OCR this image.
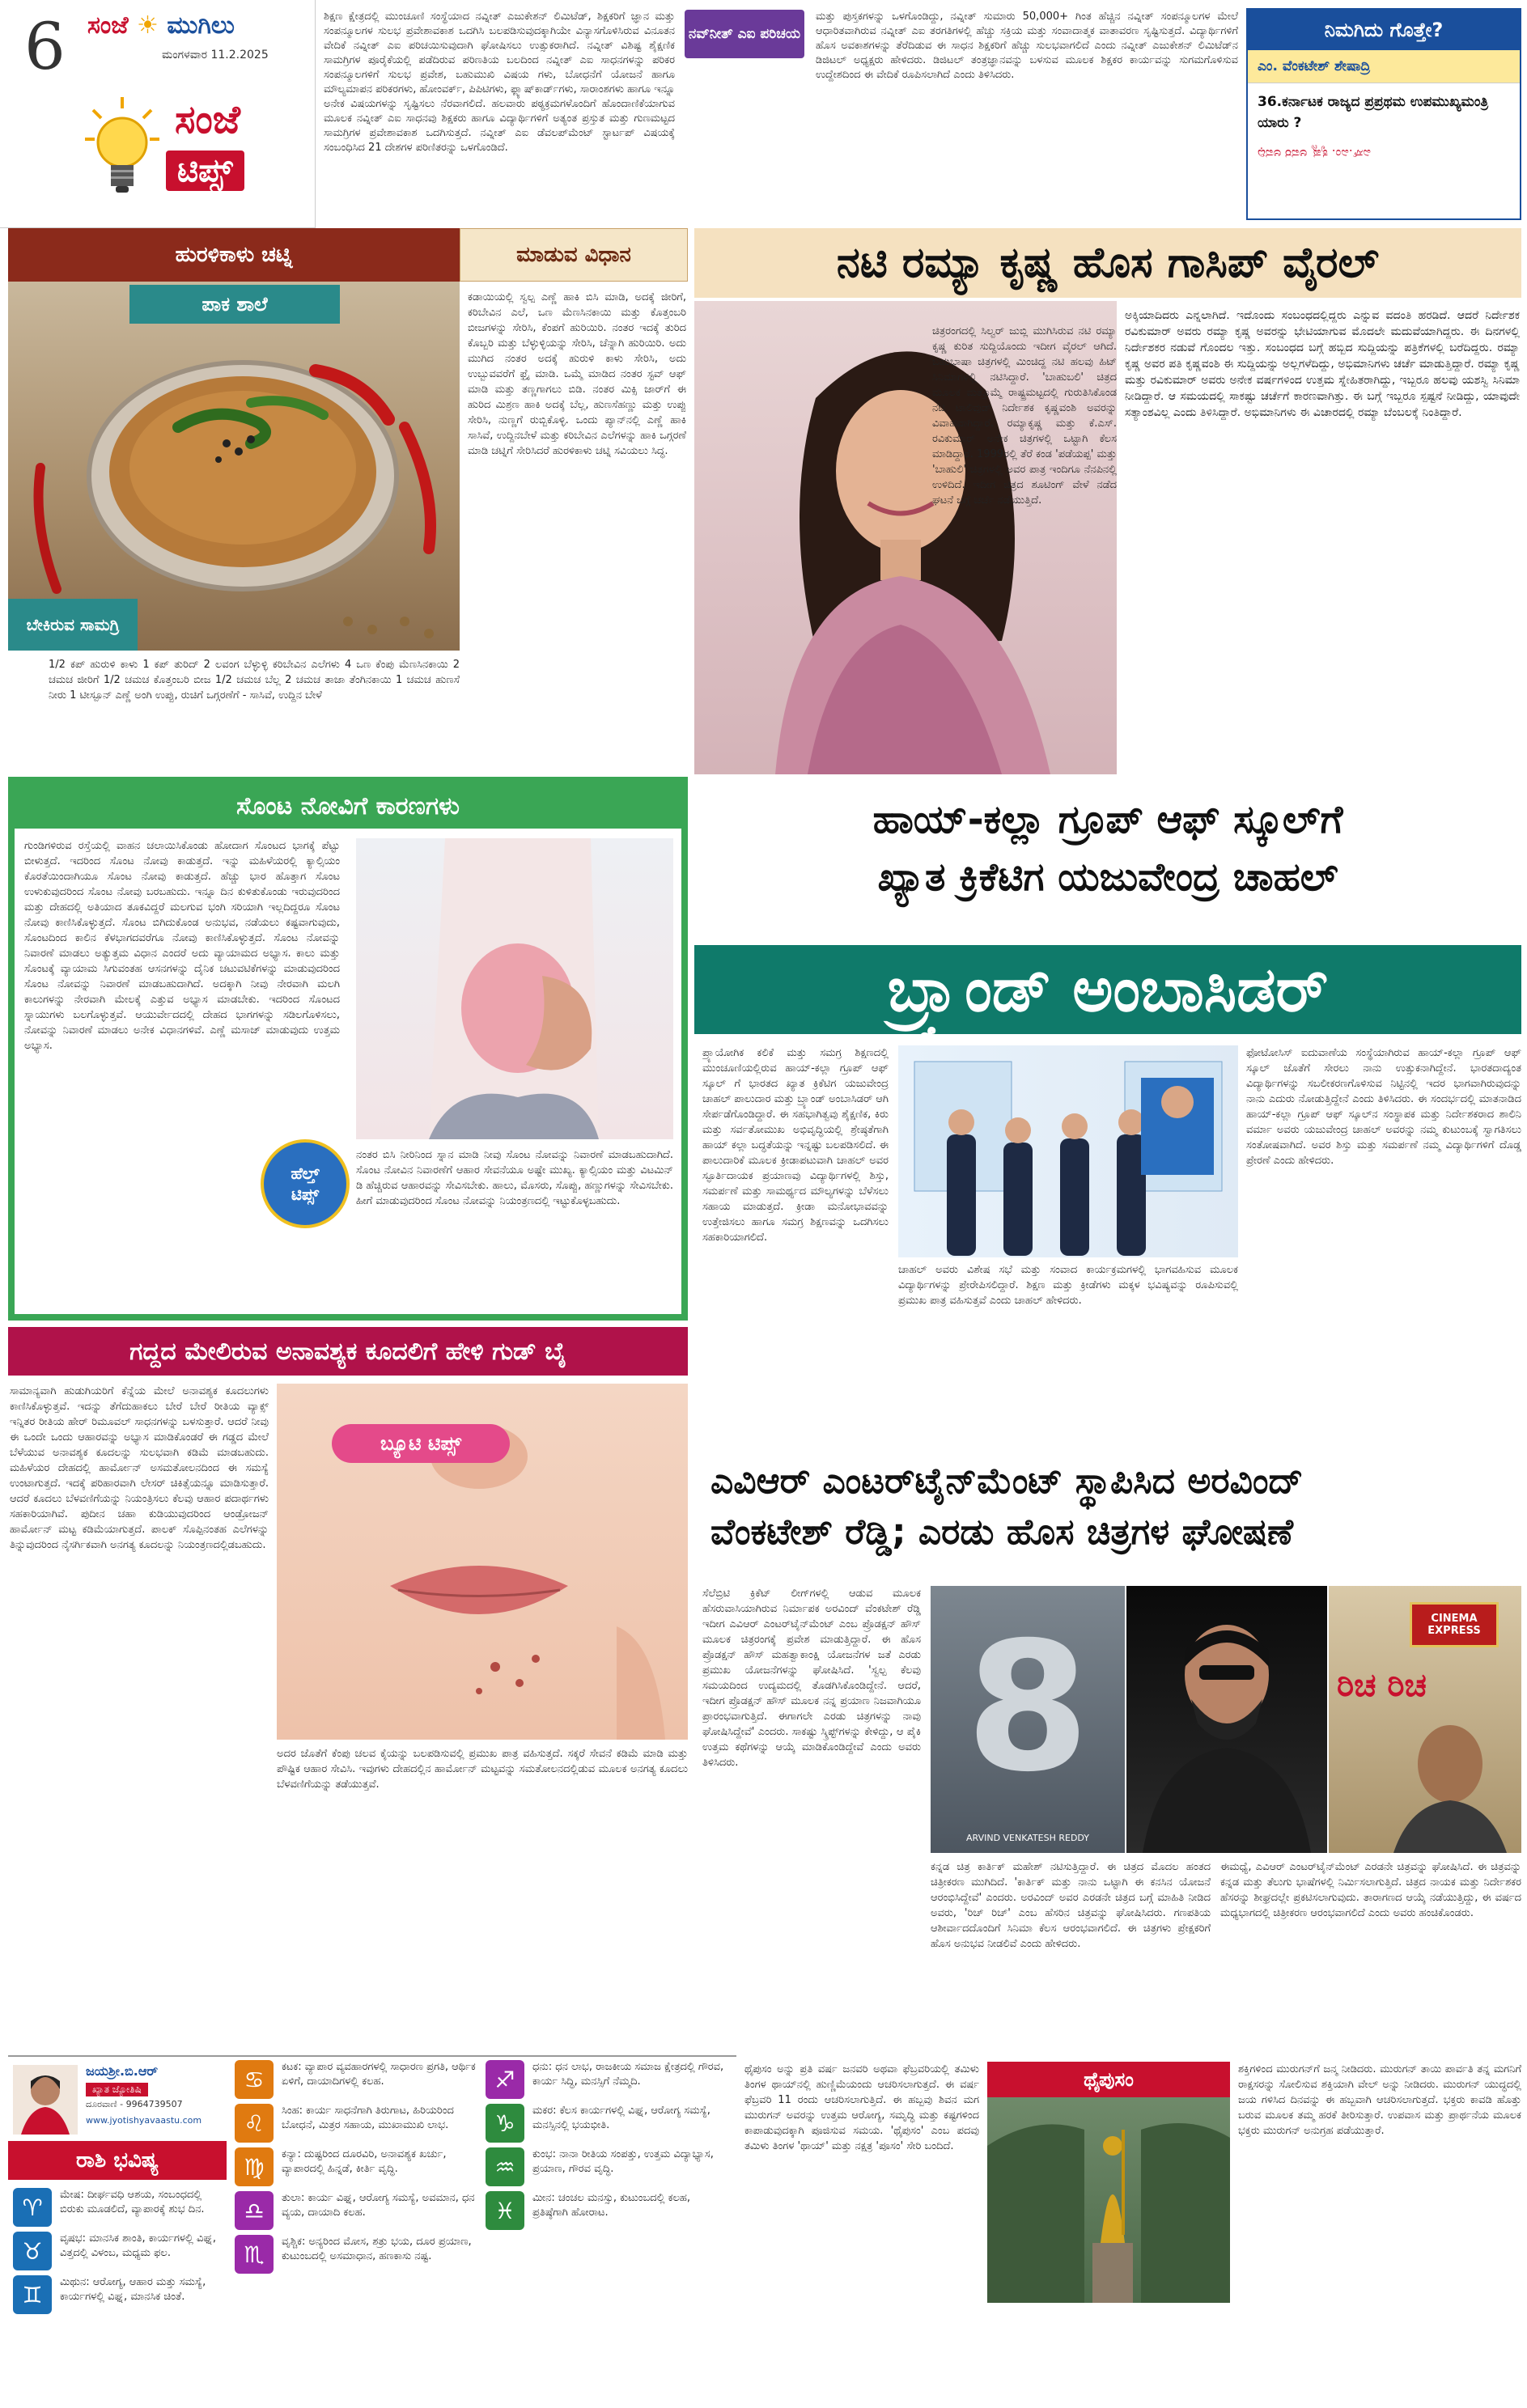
6 ಸಂಜೆ ☀ ಮುಗಿಲು
ಮಂಗಳವಾರ 11.2.2025
ಸಂಜೆ
ಟಿಪ್ಸ್
ಶಿಕ್ಷಣ ಕ್ಷೇತ್ರದಲ್ಲಿ ಮುಂಚೂಣಿ ಸಂಸ್ಥೆಯಾದ ನವ್ನೀತ್ ಎಜುಕೇಶನ್ ಲಿಮಿಟೆಡ್, ಶಿಕ್ಷಕರಿಗೆ ಜ್ಞಾನ ಮತ್ತು ಸಂಪನ್ಮೂಲಗಳ ಸುಲಭ ಪ್ರವೇಶಾವಕಾಶ ಒದಗಿಸಿ ಬಲಪಡಿಸುವುದಕ್ಕಾಗಿಯೇ ವಿನ್ಯಾಸಗೊಳಿಸಿರುವ ವಿನೂತನ ವೇದಿಕೆ ನವ್ನೀತ್ ಎಐ ಪರಿಚಯಿಸುವುದಾಗಿ ಘೋಷಿಸಲು ಉತ್ಸುಕರಾಗಿದೆ. ನವ್ನೀತ್ ವಿಶಿಷ್ಟ ಶೈಕ್ಷಣಿಕ ಸಾಮಗ್ರಿಗಳ ಪೂರೈಕೆಯಲ್ಲಿ ಪಡೆದಿರುವ ಪರಿಣತಿಯ ಬಲದಿಂದ ನವ್ನೀತ್ ಎಐ ಸಾಧನಗಳನ್ನು ಪರಿಕರ ಸಂಪನ್ಮೂಲಗಳಿಗೆ ಸುಲಭ ಪ್ರವೇಶ, ಬಹುಮುಖಿ ವಿಷಯ ಗಳು, ಬೋಧನೆಗೆ ಯೋಜನೆ ಹಾಗೂ ಮೌಲ್ಯಮಾಪನ ಪರಿಕರಗಳು, ಹೋಂವರ್ಕ್, ಪಿಪಿಟಿಗಳು, ಫ್ಲ್ಯಾಷ್‌ಕಾರ್ಡ್‌ಗಳು, ಸಾರಾಂಶಗಳು ಹಾಗೂ ಇನ್ನೂ ಅನೇಕ ವಿಷಯಗಳನ್ನು ಸೃಷ್ಟಿಸಲು ನೆರವಾಗಲಿದೆ. ಹಲವಾರು ಪಠ್ಯಕ್ರಮಗಳೊಂದಿಗೆ ಹೊಂದಾಣಿಕೆಯಾಗುವ ಮೂಲಕ ನವ್ನೀತ್ ಎಐ ಸಾಧನವು ಶಿಕ್ಷಕರು ಹಾಗೂ ವಿದ್ಯಾರ್ಥಿಗಳಿಗೆ ಅತ್ಯಂತ ಪ್ರಸ್ತುತ ಮತ್ತು ಗುಣಮಟ್ಟದ ಸಾಮಗ್ರಿಗಳ ಪ್ರವೇಶಾವಕಾಶ ಒದಗಿಸುತ್ತದೆ. ನವ್ನೀತ್ ಎಐ ಡೆವಲಪ್‌ಮೆಂಟ್ ಸ್ಟಾರ್ಟಪ್ ವಿಷಯಕ್ಕೆ ಸಂಬಂಧಿಸಿದ 21 ದೇಶಗಳ ಪರಿಣಿತರನ್ನು ಒಳಗೊಂಡಿದೆ.
ನವ್‌ನೀತ್ ಎಐ ಪರಿಚಯ
ಮತ್ತು ಪುಸ್ತಕಗಳನ್ನು ಒಳಗೊಂಡಿದ್ದು, ನವ್ನೀತ್ ಸುಮಾರು 50,000+ ಗಿಂತ ಹೆಚ್ಚಿನ ನವ್ನೀತ್ ಸಂಪನ್ಮೂಲಗಳ ಮೇಲೆ ಆಧಾರಿತವಾಗಿರುವ ನವ್ನೀತ್ ಎಐ ತರಗತಿಗಳಲ್ಲಿ ಹೆಚ್ಚು ಸಕ್ರಿಯ ಮತ್ತು ಸಂವಾದಾತ್ಮಕ ವಾತಾವರಣ ಸೃಷ್ಟಿಸುತ್ತದೆ. ವಿದ್ಯಾರ್ಥಿಗಳಿಗೆ ಹೊಸ ಅವಕಾಶಗಳನ್ನು ತೆರೆದಿಡುವ ಈ ಸಾಧನ ಶಿಕ್ಷಕರಿಗೆ ಹೆಚ್ಚು ಸುಲಭವಾಗಲಿದೆ ಎಂದು ನವ್ನೀತ್ ಎಜುಕೇಶನ್ ಲಿಮಿಟೆಡ್‌ನ ಡಿಜಿಟಲ್ ಅಧ್ಯಕ್ಷರು ಹೇಳಿದರು. ಡಿಜಿಟಲ್ ತಂತ್ರಜ್ಞಾನವನ್ನು ಬಳಸುವ ಮೂಲಕ ಶಿಕ್ಷಕರ ಕಾರ್ಯವನ್ನು ಸುಗಮಗೊಳಿಸುವ ಉದ್ದೇಶದಿಂದ ಈ ವೇದಿಕೆ ರೂಪಿಸಲಾಗಿದೆ ಎಂದು ತಿಳಿಸಿದರು.
ನಿಮಗಿದು ಗೊತ್ತೇ?
ಎಂ. ವೆಂಕಟೇಶ್ ಶೇಷಾದ್ರಿ
36.ಕರ್ನಾಟಕ ರಾಜ್ಯದ ಪ್ರಪ್ರಥಮ ಉಪಮುಖ್ಯಮಂತ್ರಿ ಯಾರು ?
ಎಸ್.ಎಂ. ಕೃಷ್ಣ ಅವರ ಅವಧಿ
ಹುರಳಿಕಾಳು ಚಟ್ನಿ	ಮಾಡುವ ವಿಧಾನ
ಪಾಕ ಶಾಲೆ
ಬೇಕಿರುವ ಸಾಮಗ್ರಿ
1/2 ಕಪ್ ಹುರುಳಿ ಕಾಳು 1 ಕಪ್ ತುರಿದ್ 2 ಲವಂಗ ಬೆಳ್ಳುಳ್ಳಿ ಕರಿಬೇವಿನ ಎಲೆಗಳು 4 ಒಣ ಕೆಂಪು ಮೆಣಸಿನಕಾಯಿ 2 ಚಮಚ ಜೀರಿಗೆ 1/2 ಚಮಚ ಕೊತ್ತಂಬರಿ ಬೀಜ 1/2 ಚಮಚ ಬೆಲ್ಲ 2 ಚಮಚ ತಾಜಾ ತೆಂಗಿನಕಾಯಿ 1 ಚಮಚ ಹುಣಸೆ ನೀರು 1 ಟೀಸ್ಪೂನ್ ಎಣ್ಣೆ ಅಂಗಿ ಉಪ್ಪು, ರುಚಿಗೆ ಒಗ್ಗರಣೆಗೆ - ಸಾಸಿವೆ, ಉದ್ದಿನ ಬೇಳೆ
ಕಡಾಯಿಯಲ್ಲಿ ಸ್ವಲ್ಪ ಎಣ್ಣೆ ಹಾಕಿ ಬಿಸಿ ಮಾಡಿ, ಅದಕ್ಕೆ ಜೀರಿಗೆ, ಕರಿಬೇವಿನ ಎಲೆ, ಒಣ ಮೆಣಸಿನಕಾಯಿ ಮತ್ತು ಕೊತ್ತಂಬರಿ ಬೀಜಗಳನ್ನು ಸೇರಿಸಿ, ಕೆಂಪಗೆ ಹುರಿಯಿರಿ. ನಂತರ ಇದಕ್ಕೆ ತುರಿದ ಕೊಬ್ಬರಿ ಮತ್ತು ಬೆಳ್ಳುಳ್ಳಿಯನ್ನು ಸೇರಿಸಿ, ಚೆನ್ನಾಗಿ ಹುರಿಯಿರಿ. ಅದು ಮುಗಿದ ನಂತರ ಅದಕ್ಕೆ ಹುರುಳಿ ಕಾಳು ಸೇರಿಸಿ, ಅದು ಉಬ್ಬುವವರೆಗೆ ಫ್ರೈ ಮಾಡಿ. ಒಮ್ಮೆ ಮಾಡಿದ ನಂತರ ಸ್ಟವ್ ಆಫ್ ಮಾಡಿ ಮತ್ತು ತಣ್ಣಗಾಗಲು ಬಿಡಿ. ನಂತರ ಮಿಕ್ಸಿ ಜಾರ್‌ಗೆ ಈ ಹುರಿದ ಮಿಶ್ರಣ ಹಾಕಿ ಅದಕ್ಕೆ ಬೆಲ್ಲ, ಹುಣಸೆಹಣ್ಣು ಮತ್ತು ಉಪ್ಪು ಸೇರಿಸಿ, ನುಣ್ಣಗೆ ರುಬ್ಬಿಕೊಳ್ಳಿ. ಒಂದು ಪ್ಯಾನ್‌ನಲ್ಲಿ ಎಣ್ಣೆ ಹಾಕಿ ಸಾಸಿವೆ, ಉದ್ದಿನಬೇಳೆ ಮತ್ತು ಕರಿಬೇವಿನ ಎಲೆಗಳನ್ನು ಹಾಕಿ ಒಗ್ಗರಣೆ ಮಾಡಿ ಚಟ್ನಿಗೆ ಸೇರಿಸಿದರೆ ಹುರಳಿಕಾಳು ಚಟ್ನಿ ಸವಿಯಲು ಸಿದ್ಧ.
ನಟಿ ರಮ್ಯಾ ಕೃಷ್ಣ ಹೊಸ ಗಾಸಿಪ್ ವೈರಲ್
ಚಿತ್ರರಂಗದಲ್ಲಿ ಸಿಲ್ವರ್ ಜುಬ್ಲಿ ಮುಗಿಸಿರುವ ನಟಿ ರಮ್ಯಾ ಕೃಷ್ಣ ಕುರಿತ ಸುದ್ದಿಯೊಂದು ಇದೀಗ ವೈರಲ್ ಆಗಿದೆ. ಬಹುಭಾಷಾ ಚಿತ್ರಗಳಲ್ಲಿ ಮಿಂಚಿದ್ದ ನಟಿ ಹಲವು ಹಿಟ್ ಸಿನಿಮಾಗಳಲ್ಲಿ ನಟಿಸಿದ್ದಾರೆ. 'ಬಾಹುಬಲಿ' ಚಿತ್ರದ ಮೂಲಕ ಮತ್ತೊಮ್ಮೆ ರಾಷ್ಟ್ರಮಟ್ಟದಲ್ಲಿ ಗುರುತಿಸಿಕೊಂಡ ನಟಿ ಟಾಲಿವುಡ್ ನಿರ್ದೇಶಕ ಕೃಷ್ಣವಂಶಿ ಅವರನ್ನು ವಿವಾಹವಾಗಿದ್ದಾರೆ. ರಮ್ಯಾಕೃಷ್ಣ ಮತ್ತು ಕೆ.ಎಸ್. ರವಿಕುಮಾರ್ ಅನೇಕ ಚಿತ್ರಗಳಲ್ಲಿ ಒಟ್ಟಾಗಿ ಕೆಲಸ ಮಾಡಿದ್ದಾರೆ. 1999ರಲ್ಲಿ ತೆರೆ ಕಂಡ 'ಪಡೆಯಪ್ಪ' ಮತ್ತು 'ಬಾಹುಲಿ' ಚಿತ್ರಗಳಲ್ಲಿ ಅವರ ಪಾತ್ರ ಇಂದಿಗೂ ನೆನಪಿನಲ್ಲಿ ಉಳಿದಿದೆ. ಇದೀಗ ಚಿತ್ರದ ಶೂಟಿಂಗ್ ವೇಳೆ ನಡೆದ ಘಟನೆ ಬಗ್ಗೆ ಚರ್ಚೆ ನಡೆಯುತ್ತಿದೆ.
ಅಕ್ಕಿಯಾದಿದರು ಎನ್ನಲಾಗಿದೆ. ಇದೊಂದು ಸಂಬಂಧದಲ್ಲಿದ್ದರು ಎನ್ನುವ ವದಂತಿ ಹರಡಿದೆ. ಆದರೆ ನಿರ್ದೇಶಕ ರವಿಕುಮಾರ್ ಅವರು ರಮ್ಯಾ ಕೃಷ್ಣ ಅವರನ್ನು ಭೇಟಿಯಾಗುವ ಮೊದಲೇ ಮದುವೆಯಾಗಿದ್ದರು. ಈ ದಿನಗಳಲ್ಲಿ ನಿರ್ದೇಶಕರ ನಡುವೆ ಗೊಂದಲ ಇತ್ತು. ಸಂಬಂಧದ ಬಗ್ಗೆ ಹಬ್ಬಿದ ಸುದ್ದಿಯನ್ನು ಪತ್ರಿಕೆಗಳಲ್ಲಿ ಬರೆದಿದ್ದರು. ರಮ್ಯಾ ಕೃಷ್ಣ ಅವರ ಪತಿ ಕೃಷ್ಣವಂಶಿ ಈ ಸುದ್ದಿಯನ್ನು ಅಲ್ಲಗಳೆದಿದ್ದು, ಅಭಿಮಾನಿಗಳು ಚರ್ಚೆ ಮಾಡುತ್ತಿದ್ದಾರೆ. ರಮ್ಯಾ ಕೃಷ್ಣ ಮತ್ತು ರವಿಕುಮಾರ್ ಅವರು ಅನೇಕ ವರ್ಷಗಳಿಂದ ಉತ್ತಮ ಸ್ನೇಹಿತರಾಗಿದ್ದು, ಇಬ್ಬರೂ ಹಲವು ಯಶಸ್ವಿ ಸಿನಿಮಾ ನೀಡಿದ್ದಾರೆ. ಆ ಸಮಯದಲ್ಲಿ ಸಾಕಷ್ಟು ಚರ್ಚೆಗೆ ಕಾರಣವಾಗಿತ್ತು. ಈ ಬಗ್ಗೆ ಇಬ್ಬರೂ ಸ್ಪಷ್ಟನೆ ನೀಡಿದ್ದು, ಯಾವುದೇ ಸತ್ಯಾಂಶವಿಲ್ಲ ಎಂದು ತಿಳಿಸಿದ್ದಾರೆ. ಅಭಿಮಾನಿಗಳು ಈ ವಿಚಾರದಲ್ಲಿ ರಮ್ಯಾ ಬೆಂಬಲಕ್ಕೆ ನಿಂತಿದ್ದಾರೆ.
ಸೊಂಟ ನೋವಿಗೆ ಕಾರಣಗಳು
ಗುಂಡಿಗಳಿರುವ ರಸ್ತೆಯಲ್ಲಿ ವಾಹನ ಚಲಾಯಿಸಿಕೊಂಡು ಹೋದಾಗ ಸೊಂಟದ ಭಾಗಕ್ಕೆ ಪೆಟ್ಟು ಬೀಳುತ್ತದೆ. ಇದರಿಂದ ಸೊಂಟ ನೋವು ಕಾಡುತ್ತದೆ. ಇನ್ನು ಮಹಿಳೆಯರಲ್ಲಿ ಕ್ಯಾಲ್ಸಿಯಂ ಕೊರತೆಯಿಂದಾಗಿಯೂ ಸೊಂಟ ನೋವು ಕಾಡುತ್ತದೆ. ಹೆಚ್ಚು ಭಾರ ಹೊತ್ತಾಗ ಸೊಂಟ ಉಳುಕುವುದರಿಂದ ಸೊಂಟ ನೋವು ಬರಬಹುದು. ಇನ್ನೂ ದಿನ ಕುಳಿತುಕೊಂಡು ಇರುವುದರಿಂದ ಮತ್ತು ದೇಹದಲ್ಲಿ ಅತಿಯಾದ ತೂಕವಿದ್ದರೆ ಮಲಗುವ ಭಂಗಿ ಸರಿಯಾಗಿ ಇಲ್ಲದಿದ್ದರೂ ಸೊಂಟ ನೋವು ಕಾಣಿಸಿಕೊಳ್ಳುತ್ತದೆ. ಸೊಂಟ ಬಿಗಿದುಕೊಂಡ ಅನುಭವ, ನಡೆಯಲು ಕಷ್ಟವಾಗುವುದು, ಸೊಂಟದಿಂದ ಕಾಲಿನ ಕೆಳಭಾಗದವರೆಗೂ ನೋವು ಕಾಣಿಸಿಕೊಳ್ಳುತ್ತದೆ. ಸೊಂಟ ನೋವನ್ನು ನಿವಾರಣೆ ಮಾಡಲು ಅತ್ಯುತ್ತಮ ವಿಧಾನ ಎಂದರೆ ಅದು ವ್ಯಾಯಾಮದ ಅಭ್ಯಾಸ. ಕಾಲು ಮತ್ತು ಸೊಂಟಕ್ಕೆ ವ್ಯಾಯಾಮ ಸಿಗುವಂತಹ ಆಸನಗಳನ್ನು ದೈನಿಕ ಚಟುವಟಿಕೆಗಳನ್ನು ಮಾಡುವುದರಿಂದ ಸೊಂಟ ನೋವನ್ನು ನಿವಾರಣೆ ಮಾಡಬಹುದಾಗಿದೆ. ಅದಕ್ಕಾಗಿ ನೀವು ನೇರವಾಗಿ ಮಲಗಿ ಕಾಲುಗಳನ್ನು ನೇರವಾಗಿ ಮೇಲಕ್ಕೆ ಎತ್ತುವ ಅಭ್ಯಾಸ ಮಾಡಬೇಕು. ಇದರಿಂದ ಸೊಂಟದ ಸ್ನಾಯುಗಳು ಬಲಗೊಳ್ಳುತ್ತವೆ. ಆಯುರ್ವೇದದಲ್ಲಿ ದೇಹದ ಭಾಗಗಳನ್ನು ಸಡಿಲಗೊಳಿಸಲು, ನೋವನ್ನು ನಿವಾರಣೆ ಮಾಡಲು ಅನೇಕ ವಿಧಾನಗಳಿವೆ. ಎಣ್ಣೆ ಮಸಾಜ್ ಮಾಡುವುದು ಉತ್ತಮ ಅಭ್ಯಾಸ.
ಹೆಲ್ತ್
ಟಿಪ್ಸ್
ನಂತರ ಬಿಸಿ ನೀರಿನಿಂದ ಸ್ನಾನ ಮಾಡಿ ನೀವು ಸೊಂಟ ನೋವನ್ನು ನಿವಾರಣೆ ಮಾಡಬಹುದಾಗಿದೆ. ಸೊಂಟ ನೋವಿನ ನಿವಾರಣೆಗೆ ಆಹಾರ ಸೇವನೆಯೂ ಅಷ್ಟೇ ಮುಖ್ಯ. ಕ್ಯಾಲ್ಸಿಯಂ ಮತ್ತು ವಿಟಮಿನ್ ಡಿ ಹೆಚ್ಚಿರುವ ಆಹಾರವನ್ನು ಸೇವಿಸಬೇಕು. ಹಾಲು, ಮೊಸರು, ಸೊಪ್ಪು, ಹಣ್ಣುಗಳನ್ನು ಸೇವಿಸಬೇಕು. ಹೀಗೆ ಮಾಡುವುದರಿಂದ ಸೊಂಟ ನೋವನ್ನು ನಿಯಂತ್ರಣದಲ್ಲಿ ಇಟ್ಟುಕೊಳ್ಳಬಹುದು.
ಹಾಯ್-ಕಲ್ಲಾ ಗ್ರೂಪ್ ಆಫ್ ಸ್ಕೂಲ್‌ಗೆ
ಖ್ಯಾತ ಕ್ರಿಕೆಟಿಗ ಯಜುವೇಂದ್ರ ಚಾಹಲ್
ಬ್ರ್ಯಾಂಡ್ ಅಂಬಾಸಿಡರ್
ಪ್ರ್ಯಾಯೋಗಿಕ ಕಲಿಕೆ ಮತ್ತು ಸಮಗ್ರ ಶಿಕ್ಷಣದಲ್ಲಿ ಮುಂಚೂಣಿಯಲ್ಲಿರುವ ಹಾಯ್-ಕಲ್ಲಾ ಗ್ರೂಪ್ ಆಫ್ ಸ್ಕೂಲ್ ಗೆ ಭಾರತದ ಖ್ಯಾತ ಕ್ರಿಕೆಟಿಗ ಯಜುವೇಂದ್ರ ಚಾಹಲ್ ಪಾಲುದಾರ ಮತ್ತು ಬ್ರ್ಯಾಂಡ್ ಅಂಬಾಸಿಡರ್ ಆಗಿ ಸೇರ್ಪಡೆಗೊಂಡಿದ್ದಾರೆ. ಈ ಸಹಭಾಗಿತ್ವವು ಶೈಕ್ಷಣಿಕ, ಕಿರು ಮತ್ತು ಸರ್ವತೋಮುಖ ಅಭಿವೃದ್ಧಿಯಲ್ಲಿ ಶ್ರೇಷ್ಠತೆಗಾಗಿ ಹಾಯ್ ಕಲ್ಲಾ ಬದ್ಧತೆಯನ್ನು ಇನ್ನಷ್ಟು ಬಲಪಡಿಸಲಿದೆ. ಈ ಪಾಲುದಾರಿಕೆ ಮೂಲಕ ಕ್ರೀಡಾಪಟುವಾಗಿ ಚಾಹಲ್ ಅವರ ಸ್ಫೂರ್ತಿದಾಯಕ ಪ್ರಯಾಣವು ವಿದ್ಯಾರ್ಥಿಗಳಲ್ಲಿ ಶಿಸ್ತು, ಸಮರ್ಪಣೆ ಮತ್ತು ಸಾಮರ್ಥ್ಯದ ಮೌಲ್ಯಗಳನ್ನು ಬೆಳೆಸಲು ಸಹಾಯ ಮಾಡುತ್ತದೆ. ಕ್ರೀಡಾ ಮನೋಭಾವವನ್ನು ಉತ್ತೇಜಿಸಲು ಹಾಗೂ ಸಮಗ್ರ ಶಿಕ್ಷಣವನ್ನು ಒದಗಿಸಲು ಸಹಕಾರಿಯಾಗಲಿದೆ.
ಚಾಹಲ್ ಅವರು ವಿಶೇಷ ಸಭೆ ಮತ್ತು ಸಂವಾದ ಕಾರ್ಯಕ್ರಮಗಳಲ್ಲಿ ಭಾಗವಹಿಸುವ ಮೂಲಕ ವಿದ್ಯಾರ್ಥಿಗಳನ್ನು ಪ್ರೇರೇಪಿಸಲಿದ್ದಾರೆ. ಶಿಕ್ಷಣ ಮತ್ತು ಕ್ರೀಡೆಗಳು ಮಕ್ಕಳ ಭವಿಷ್ಯವನ್ನು ರೂಪಿಸುವಲ್ಲಿ ಪ್ರಮುಖ ಪಾತ್ರ ವಹಿಸುತ್ತವೆ ಎಂದು ಚಾಹಲ್ ಹೇಳಿದರು.
ಫೋಟೋಸಿಸ್ ಐದುವಾಣೆಯ ಸಂಸ್ಥೆಯಾಗಿರುವ ಹಾಯ್-ಕಲ್ಲಾ ಗ್ರೂಪ್ ಆಫ್ ಸ್ಕೂಲ್ ಜೊತೆಗೆ ಸೇರಲು ನಾನು ಉತ್ಸುಕನಾಗಿದ್ದೇನೆ. ಭಾರತದಾದ್ಯಂತ ವಿದ್ಯಾರ್ಥಿಗಳನ್ನು ಸಬಲೀಕರಣಗೊಳಿಸುವ ನಿಟ್ಟಿನಲ್ಲಿ ಇದರ ಭಾಗವಾಗಿರುವುದನ್ನು ನಾನು ಎದುರು ನೋಡುತ್ತಿದ್ದೇನೆ ಎಂದು ತಿಳಿಸಿದರು. ಈ ಸಂದರ್ಭದಲ್ಲಿ ಮಾತನಾಡಿದ ಹಾಯ್-ಕಲ್ಲಾ ಗ್ರೂಪ್ ಆಫ್ ಸ್ಕೂಲ್‌ನ ಸಂಸ್ಥಾಪಕ ಮತ್ತು ನಿರ್ದೇಶಕರಾದ ಶಾಲಿನಿ ವರ್ಮಾ ಅವರು ಯಜುವೇಂದ್ರ ಚಾಹಲ್ ಅವರನ್ನು ನಮ್ಮ ಕುಟುಂಬಕ್ಕೆ ಸ್ವಾಗತಿಸಲು ಸಂತೋಷವಾಗಿದೆ. ಅವರ ಶಿಸ್ತು ಮತ್ತು ಸಮರ್ಪಣೆ ನಮ್ಮ ವಿದ್ಯಾರ್ಥಿಗಳಿಗೆ ದೊಡ್ಡ ಪ್ರೇರಣೆ ಎಂದು ಹೇಳಿದರು.
ಗದ್ದದ ಮೇಲಿರುವ ಅನಾವಶ್ಯಕ ಕೂದಲಿಗೆ ಹೇಳಿ ಗುಡ್ ಬೈ
ಸಾಮಾನ್ಯವಾಗಿ ಹುಡುಗಿಯರಿಗೆ ಕೆನ್ನೆಯ ಮೇಲೆ ಅನಾವಶ್ಯಕ ಕೂದಲುಗಳು ಕಾಣಿಸಿಕೊಳ್ಳುತ್ತವೆ. ಇದನ್ನು ತೆಗೆದುಹಾಕಲು ಬೇರೆ ಬೇರೆ ರೀತಿಯ ವ್ಯಾಕ್ಸ್ ಇನ್ನಿತರ ರೀತಿಯ ಹೇರ್ ರಿಮೂವಲ್ ಸಾಧನಗಳನ್ನು ಬಳಸುತ್ತಾರೆ. ಆದರೆ ನೀವು ಈ ಒಂದೇ ಒಂದು ಆಹಾರವನ್ನು ಅಭ್ಯಾಸ ಮಾಡಿಕೊಂಡರೆ ಈ ಗಡ್ಡದ ಮೇಲೆ ಬೆಳೆಯುವ ಅನಾವಶ್ಯಕ ಕೂದಲನ್ನು ಸುಲಭವಾಗಿ ಕಡಿಮೆ ಮಾಡಬಹುದು. ಮಹಿಳೆಯರ ದೇಹದಲ್ಲಿ ಹಾರ್ಮೋನ್ ಅಸಮತೋಲನದಿಂದ ಈ ಸಮಸ್ಯೆ ಉಂಟಾಗುತ್ತದೆ. ಇದಕ್ಕೆ ಪರಿಹಾರವಾಗಿ ಲೇಸರ್ ಚಿಕಿತ್ಸೆಯನ್ನೂ ಮಾಡಿಸುತ್ತಾರೆ. ಆದರೆ ಕೂದಲು ಬೆಳವಣಿಗೆಯನ್ನು ನಿಯಂತ್ರಿಸಲು ಕೆಲವು ಆಹಾರ ಪದಾರ್ಥಗಳು ಸಹಕಾರಿಯಾಗಿವೆ. ಪುದೀನ ಚಹಾ ಕುಡಿಯುವುದರಿಂದ ಆಂಡ್ರೋಜನ್ ಹಾರ್ಮೋನ್ ಮಟ್ಟ ಕಡಿಮೆಯಾಗುತ್ತದೆ. ಪಾಲಕ್ ಸೊಪ್ಪಿನಂತಹ ಎಲೆಗಳನ್ನು ತಿನ್ನುವುದರಿಂದ ನೈಸರ್ಗಿಕವಾಗಿ ಅನಗತ್ಯ ಕೂದಲನ್ನು ನಿಯಂತ್ರಣದಲ್ಲಿಡಬಹುದು.
ಬ್ಯೂಟಿ ಟಿಪ್ಸ್
ಅದರ ಜೊತೆಗೆ ಕೆಂಪು ಚಲವ ಕೈಯನ್ನು ಬಲಪಡಿಸುವಲ್ಲಿ ಪ್ರಮುಖ ಪಾತ್ರ ವಹಿಸುತ್ತದೆ. ಸಕ್ಕರೆ ಸೇವನೆ ಕಡಿಮೆ ಮಾಡಿ ಮತ್ತು ಪೌಷ್ಟಿಕ ಆಹಾರ ಸೇವಿಸಿ. ಇವುಗಳು ದೇಹದಲ್ಲಿನ ಹಾರ್ಮೋನ್ ಮಟ್ಟವನ್ನು ಸಮತೋಲನದಲ್ಲಿಡುವ ಮೂಲಕ ಅನಗತ್ಯ ಕೂದಲು ಬೆಳವಣಿಗೆಯನ್ನು ತಡೆಯುತ್ತವೆ.
ಎವಿಆರ್ ಎಂಟರ್‌ಟೈನ್‌ಮೆಂಟ್ ಸ್ಥಾಪಿಸಿದ ಅರವಿಂದ್
ವೆಂಕಟೇಶ್ ರೆಡ್ಡಿ; ಎರಡು ಹೊಸ ಚಿತ್ರಗಳ ಘೋಷಣೆ
ಸೆಲೆಬ್ರಿಟಿ ಕ್ರಿಕೆಟ್ ಲೀಗ್‌ಗಳಲ್ಲಿ ಆಡುವ ಮೂಲಕ ಹೆಸರುವಾಸಿಯಾಗಿರುವ ನಿರ್ಮಾಪಕ ಅರವಿಂದ್ ವೆಂಕಟೇಶ್ ರೆಡ್ಡಿ ಇದೀಗ ಎವಿಆರ್ ಎಂಟರ್‌ಟೈನ್‌ಮೆಂಟ್ ಎಂಬ ಪ್ರೊಡಕ್ಷನ್ ಹೌಸ್ ಮೂಲಕ ಚಿತ್ರರಂಗಕ್ಕೆ ಪ್ರವೇಶ ಮಾಡುತ್ತಿದ್ದಾರೆ. ಈ ಹೊಸ ಪ್ರೊಡಕ್ಷನ್ ಹೌಸ್ ಮಹತ್ವಾಕಾಂಕ್ಷಿ ಯೋಜನೆಗಳ ಜತೆ ಎರಡು ಪ್ರಮುಖ ಯೋಜನೆಗಳನ್ನು ಘೋಷಿಸಿದೆ. 'ಸ್ವಲ್ಪ ಕೆಲವು ಸಮಯದಿಂದ ಉದ್ಯಮದಲ್ಲಿ ತೊಡಗಿಸಿಕೊಂಡಿದ್ದೇನೆ. ಆದರೆ, ಇದೀಗ ಪ್ರೊಡಕ್ಷನ್ ಹೌಸ್ ಮೂಲಕ ನನ್ನ ಪ್ರಯಾಣ ನಿಜವಾಗಿಯೂ ಪ್ರಾರಂಭವಾಗುತ್ತಿದೆ. ಈಗಾಗಲೇ ಎರಡು ಚಿತ್ರಗಳನ್ನು ನಾವು ಘೋಷಿಸಿದ್ದೇವೆ' ಎಂದರು. ಸಾಕಷ್ಟು ಸ್ಕ್ರಿಪ್ಟ್‌ಗಳನ್ನು ಕೇಳಿದ್ದು, ಆ ಪೈಕಿ ಉತ್ತಮ ಕಥೆಗಳನ್ನು ಆಯ್ಕೆ ಮಾಡಿಕೊಂಡಿದ್ದೇವೆ ಎಂದು ಅವರು ತಿಳಿಸಿದರು.	8
ARVIND VENKATESH REDDY
CINEMA EXPRESS
ರಿಚ ರಿಚ
ಕನ್ನಡ ಚಿತ್ರ ಕಾರ್ತಿಕ್ ಮಹೇಶ್ ನಟಿಸುತ್ತಿದ್ದಾರೆ. ಈ ಚಿತ್ರದ ಮೊದಲ ಹಂತದ ಚಿತ್ರೀಕರಣ ಮುಗಿದಿದೆ. 'ಕಾರ್ತಿಕ್ ಮತ್ತು ನಾನು ಒಟ್ಟಾಗಿ ಈ ಕನಸಿನ ಯೋಜನೆ ಆರಂಭಿಸಿದ್ದೇವೆ' ಎಂದರು. ಅರವಿಂದ್ ಅವರ ಎರಡನೇ ಚಿತ್ರದ ಬಗ್ಗೆ ಮಾಹಿತಿ ನೀಡಿದ ಅವರು, 'ರಿಚ್ ರಿಚ್' ಎಂಬ ಹೆಸರಿನ ಚಿತ್ರವನ್ನು ಘೋಷಿಸಿದರು. ಗಣಪತಿಯ ಆಶೀರ್ವಾದದೊಂದಿಗೆ ಸಿನಿಮಾ ಕೆಲಸ ಆರಂಭವಾಗಲಿದೆ. ಈ ಚಿತ್ರಗಳು ಪ್ರೇಕ್ಷಕರಿಗೆ ಹೊಸ ಅನುಭವ ನೀಡಲಿವೆ ಎಂದು ಹೇಳಿದರು.
ಈಮಧ್ಯೆ, ಎವಿಆರ್ ಎಂಟರ್‌ಟೈನ್‌ಮೆಂಟ್ ಎರಡನೇ ಚಿತ್ರವನ್ನು ಘೋಷಿಸಿದೆ. ಈ ಚಿತ್ರವನ್ನು ಕನ್ನಡ ಮತ್ತು ತೆಲುಗು ಭಾಷೆಗಳಲ್ಲಿ ನಿರ್ಮಿಸಲಾಗುತ್ತಿದೆ. ಚಿತ್ರದ ನಾಯಕ ಮತ್ತು ನಿರ್ದೇಶಕರ ಹೆಸರನ್ನು ಶೀಘ್ರದಲ್ಲೇ ಪ್ರಕಟಿಸಲಾಗುವುದು. ತಾರಾಗಣದ ಆಯ್ಕೆ ನಡೆಯುತ್ತಿದ್ದು, ಈ ವರ್ಷದ ಮಧ್ಯಭಾಗದಲ್ಲಿ ಚಿತ್ರೀಕರಣ ಆರಂಭವಾಗಲಿದೆ ಎಂದು ಅವರು ಹಂಚಿಕೊಂಡರು.
ಜಯಶ್ರೀ.ಬಿ.ಆರ್
ಖ್ಯಾತ ಜ್ಯೋತಿಷಿ
ದೂರವಾಣಿ - 9964739507
www.jyotishyavaastu.com
ರಾಶಿ ಭವಿಷ್ಯ
♈	ಮೇಷ: ದೀರ್ಘವಧಿ ಆಶಯ, ಸಂಬಂಧದಲ್ಲಿ ಬಿರುಕು ಮೂಡಲಿದೆ, ವ್ಯಾಪಾರಕ್ಕೆ ಶುಭ ದಿನ.
♉	ವೃಷಭ: ಮಾನಸಿಕ ಶಾಂತಿ, ಕಾರ್ಯಗಳಲ್ಲಿ ವಿಘ್ನ, ವಿತ್ತದಲ್ಲಿ ವಿಳಂಬ, ಮಧ್ಯಮ ಫಲ.
♊	ಮಿಥುನ: ಆರೋಗ್ಯ, ಆಹಾರ ಮತ್ತು ಸಮಸ್ಯೆ, ಕಾರ್ಯಗಳಲ್ಲಿ ವಿಘ್ನ, ಮಾನಸಿಕ ಚಿಂತೆ.
♋	ಕಟಕ: ವ್ಯಾಪಾರ ವ್ಯವಹಾರಗಳಲ್ಲಿ ಸಾಧಾರಣ ಪ್ರಗತಿ, ಆರ್ಥಿಕ ಏಳಿಗೆ, ದಾಯಾದಿಗಳಲ್ಲಿ ಕಲಹ.
♌	ಸಿಂಹ: ಕಾರ್ಯ ಸಾಧನೆಗಾಗಿ ತಿರುಗಾಟ, ಹಿರಿಯರಿಂದ ಬೋಧನೆ, ಮಿತ್ರರ ಸಹಾಯ, ಮುಖಾಮುಖಿ ಲಾಭ.
♍	ಕನ್ಯಾ: ದುಷ್ಟರಿಂದ ದೂರವಿರಿ, ಅನಾವಶ್ಯಕ ಖರ್ಚು, ವ್ಯಾಪಾರದಲ್ಲಿ ಹಿನ್ನಡೆ, ಕೀರ್ತಿ ವೃದ್ಧಿ.
♎	ತುಲಾ: ಕಾರ್ಯ ವಿಘ್ನ, ಆರೋಗ್ಯ ಸಮಸ್ಯೆ, ಅವಮಾನ, ಧನ ವ್ಯಯ, ದಾಯಾದಿ ಕಲಹ.
♏	ವೃಶ್ಚಿಕ: ಅನ್ಯರಿಂದ ಮೋಸ, ಶತ್ರು ಭಯ, ದೂರ ಪ್ರಯಾಣ, ಕುಟುಂಬದಲ್ಲಿ ಅಸಮಾಧಾನ, ಹಣಕಾಸು ನಷ್ಟ.
♐	ಧನು: ಧನ ಲಾಭ, ರಾಜಕೀಯ ಸಮಾಜ ಕ್ಷೇತ್ರದಲ್ಲಿ ಗೌರವ, ಕಾರ್ಯ ಸಿದ್ಧಿ, ಮನಸ್ಸಿಗೆ ನೆಮ್ಮದಿ.
♑	ಮಕರ: ಕೆಲಸ ಕಾರ್ಯಗಳಲ್ಲಿ ವಿಘ್ನ, ಆರೋಗ್ಯ ಸಮಸ್ಯೆ, ಮನಸ್ಸಿನಲ್ಲಿ ಭಯಭೀತಿ.
♒	ಕುಂಭ: ನಾನಾ ರೀತಿಯ ಸಂಪತ್ತು, ಉತ್ತಮ ವಿದ್ಯಾಭ್ಯಾಸ, ಪ್ರಯಾಣ, ಗೌರವ ವೃದ್ಧಿ.
♓	ಮೀನ: ಚಂಚಲ ಮನಸ್ಸು, ಕುಟುಂಬದಲ್ಲಿ ಕಲಹ, ಪ್ರತಿಷ್ಠೆಗಾಗಿ ಹೋರಾಟ.
ಥೈಪುಸಂ ಅನ್ನು ಪ್ರತಿ ವರ್ಷ ಜನವರಿ ಅಥವಾ ಫೆಬ್ರವರಿಯಲ್ಲಿ ತಮಿಳು ತಿಂಗಳ ಥಾಯ್‌ನಲ್ಲಿ ಹುಣ್ಣಿಮೆಯಂದು ಆಚರಿಸಲಾಗುತ್ತದೆ. ಈ ವರ್ಷ ಫೆಬ್ರವರಿ 11 ರಂದು ಆಚರಿಸಲಾಗುತ್ತಿದೆ. ಈ ಹಬ್ಬವು ಶಿವನ ಮಗ ಮುರುಗನ್ ಅವರನ್ನು ಉತ್ತಮ ಆರೋಗ್ಯ, ಸಮೃದ್ಧಿ ಮತ್ತು ಕಷ್ಟಗಳಿಂದ ಕಾಪಾಡುವುದಕ್ಕಾಗಿ ಪೂಜಿಸುವ ಸಮಯ. 'ಥೈಪುಸಂ' ಎಂಬ ಪದವು ತಮಿಳು ತಿಂಗಳ 'ಥಾಯ್' ಮತ್ತು ನಕ್ಷತ್ರ 'ಪೂಸಂ' ಸೇರಿ ಬಂದಿದೆ.
ಥೈಪುಸಂ	ಶಕ್ತಿಗಳಿಂದ ಮುರುಗನ್‌ಗೆ ಜನ್ಮ ನೀಡಿದರು. ಮುರುಗನ್ ತಾಯಿ ಪಾರ್ವತಿ ತನ್ನ ಮಗನಿಗೆ ರಾಕ್ಷಸರನ್ನು ಸೋಲಿಸುವ ಶಕ್ತಿಯಾಗಿ ವೇಲ್ ಅನ್ನು ನೀಡಿದರು. ಮುರುಗನ್ ಯುದ್ಧದಲ್ಲಿ ಜಯ ಗಳಿಸಿದ ದಿನವನ್ನು ಈ ಹಬ್ಬವಾಗಿ ಆಚರಿಸಲಾಗುತ್ತದೆ. ಭಕ್ತರು ಕಾವಡಿ ಹೊತ್ತು ಬರುವ ಮೂಲಕ ತಮ್ಮ ಹರಕೆ ತೀರಿಸುತ್ತಾರೆ. ಉಪವಾಸ ಮತ್ತು ಪ್ರಾರ್ಥನೆಯ ಮೂಲಕ ಭಕ್ತರು ಮುರುಗನ್ ಅನುಗ್ರಹ ಪಡೆಯುತ್ತಾರೆ.
